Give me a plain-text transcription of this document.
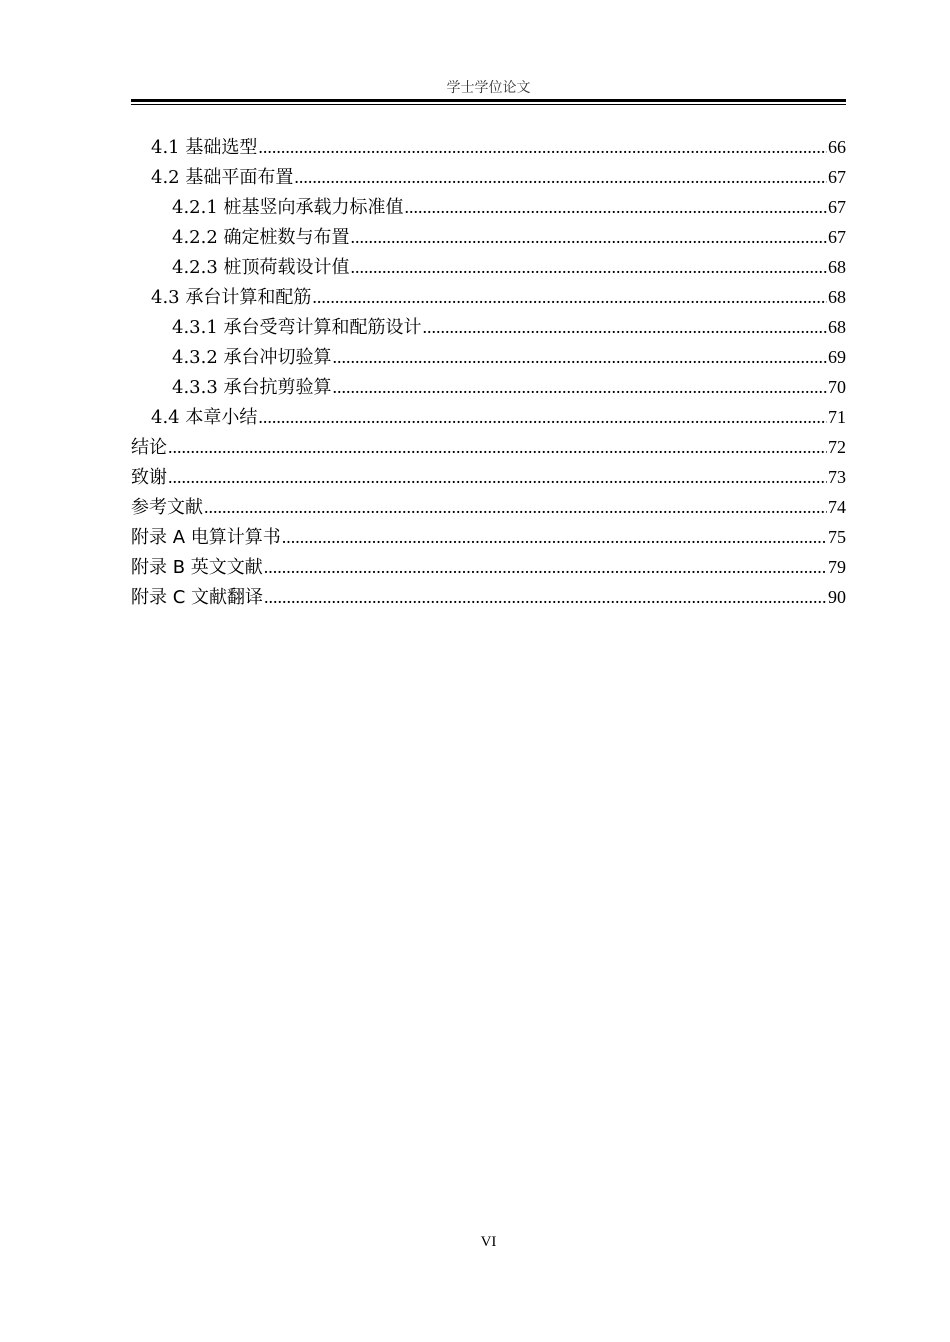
学士学位论文
4.1 基础选型 .....	66
4.2 基础平面布置 .....	67
4.2.1 桩基竖向承载力标准值 .....	67
4.2.2 确定桩数与布置 .....	67
4.2.3 桩顶荷载设计值 .....	68
4.3 承台计算和配筋 .....	68
4.3.1 承台受弯计算和配筋设计 .....	68
4.3.2 承台冲切验算 .....	69
4.3.3 承台抗剪验算 .....	70
4.4 本章小结 .....	71
结论 .....	72
致谢 .....	73
参考文献 .....	74
附录 A 电算计算书 .....	75
附录 B 英文文献 .....	79
附录 C 文献翻译 .....	90
VI
